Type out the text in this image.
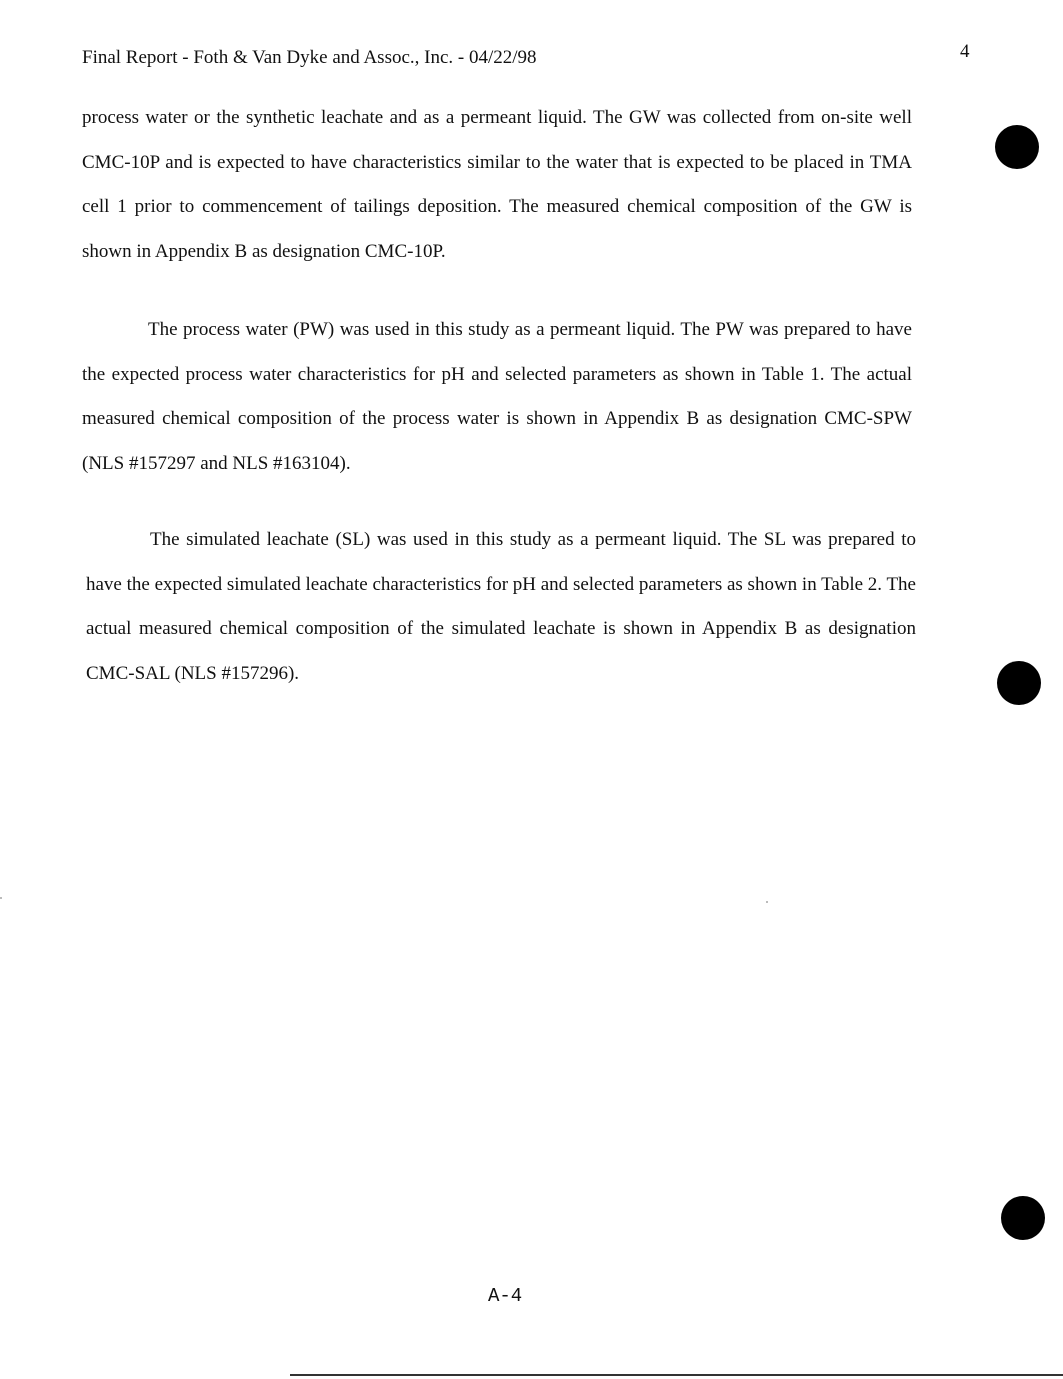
Final Report - Foth & Van Dyke and Assoc., Inc. - 04/22/98	4

process water or the synthetic leachate and as a permeant liquid. The GW was collected from on-site well CMC-10P and is expected to have characteristics similar to the water that is expected to be placed in TMA cell 1 prior to commencement of tailings deposition. The measured chemical composition of the GW is shown in Appendix B as designation CMC-10P.

The process water (PW) was used in this study as a permeant liquid. The PW was prepared to have the expected process water characteristics for pH and selected parameters as shown in Table 1. The actual measured chemical composition of the process water is shown in Appendix B as designation CMC-SPW (NLS #157297 and NLS #163104).

The simulated leachate (SL) was used in this study as a permeant liquid. The SL was prepared to have the expected simulated leachate characteristics for pH and selected parameters as shown in Table 2. The actual measured chemical composition of the simulated leachate is shown in Appendix B as designation CMC-SAL (NLS #157296).

A-4
